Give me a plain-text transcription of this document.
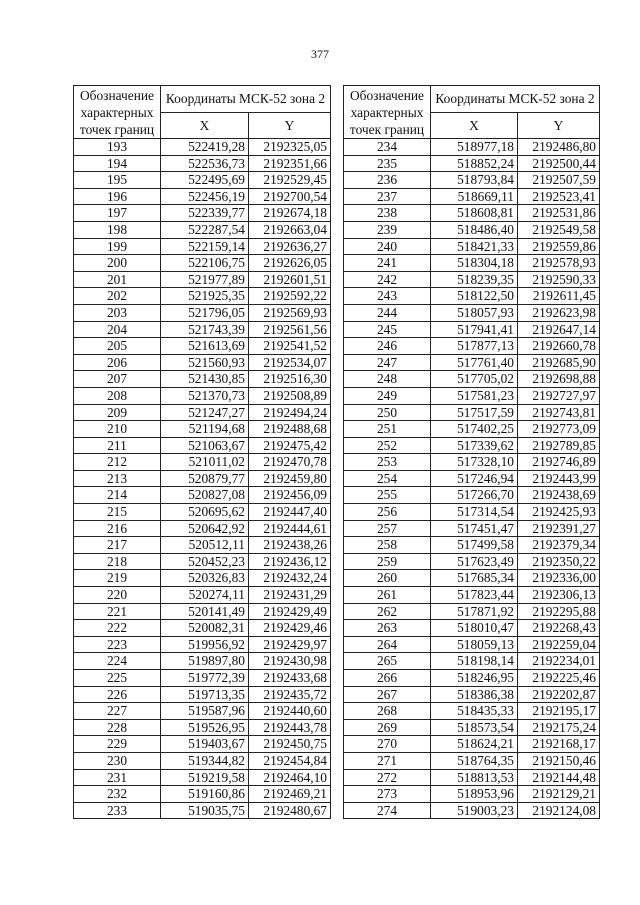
377
Обозначение характерных точек границ	Координаты МСК-52 зона 2	
	X	Y
193	522419,28	2192325,05
194	522536,73	2192351,66
195	522495,69	2192529,45
196	522456,19	2192700,54
197	522339,77	2192674,18
198	522287,54	2192663,04
199	522159,14	2192636,27
200	522106,75	2192626,05
201	521977,89	2192601,51
202	521925,35	2192592,22
203	521796,05	2192569,93
204	521743,39	2192561,56
205	521613,69	2192541,52
206	521560,93	2192534,07
207	521430,85	2192516,30
208	521370,73	2192508,89
209	521247,27	2192494,24
210	521194,68	2192488,68
211	521063,67	2192475,42
212	521011,02	2192470,78
213	520879,77	2192459,80
214	520827,08	2192456,09
215	520695,62	2192447,40
216	520642,92	2192444,61
217	520512,11	2192438,26
218	520452,23	2192436,12
219	520326,83	2192432,24
220	520274,11	2192431,29
221	520141,49	2192429,49
222	520082,31	2192429,46
223	519956,92	2192429,97
224	519897,80	2192430,98
225	519772,39	2192433,68
226	519713,35	2192435,72
227	519587,96	2192440,60
228	519526,95	2192443,78
229	519403,67	2192450,75
230	519344,82	2192454,84
231	519219,58	2192464,10
232	519160,86	2192469,21
233	519035,75	2192480,67
Обозначение характерных точек границ	Координаты МСК-52 зона 2	
	X	Y
234	518977,18	2192486,80
235	518852,24	2192500,44
236	518793,84	2192507,59
237	518669,11	2192523,41
238	518608,81	2192531,86
239	518486,40	2192549,58
240	518421,33	2192559,86
241	518304,18	2192578,93
242	518239,35	2192590,33
243	518122,50	2192611,45
244	518057,93	2192623,98
245	517941,41	2192647,14
246	517877,13	2192660,78
247	517761,40	2192685,90
248	517705,02	2192698,88
249	517581,23	2192727,97
250	517517,59	2192743,81
251	517402,25	2192773,09
252	517339,62	2192789,85
253	517328,10	2192746,89
254	517246,94	2192443,99
255	517266,70	2192438,69
256	517314,54	2192425,93
257	517451,47	2192391,27
258	517499,58	2192379,34
259	517623,49	2192350,22
260	517685,34	2192336,00
261	517823,44	2192306,13
262	517871,92	2192295,88
263	518010,47	2192268,43
264	518059,13	2192259,04
265	518198,14	2192234,01
266	518246,95	2192225,46
267	518386,38	2192202,87
268	518435,33	2192195,17
269	518573,54	2192175,24
270	518624,21	2192168,17
271	518764,35	2192150,46
272	518813,53	2192144,48
273	518953,96	2192129,21
274	519003,23	2192124,08
